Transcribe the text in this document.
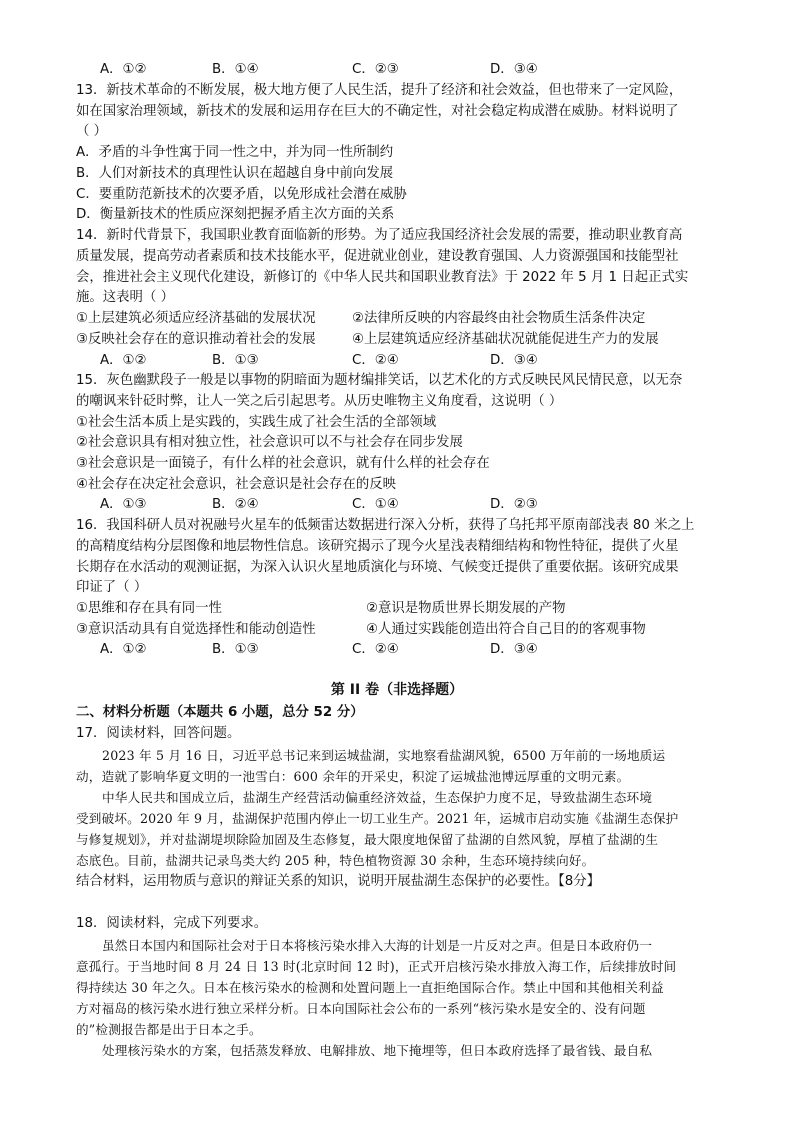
A．①②	B．①④	C．②③	D．③④
13．新技术革命的不断发展，极大地方便了人民生活，提升了经济和社会效益，但也带来了一定风险，
如在国家治理领域，新技术的发展和运用存在巨大的不确定性，对社会稳定构成潜在威胁。材料说明了
（ ）
A．矛盾的斗争性寓于同一性之中，并为同一性所制约
B．人们对新技术的真理性认识在超越自身中前向发展
C．要重防范新技术的次要矛盾，以免形成社会潜在威胁
D．衡量新技术的性质应深刻把握矛盾主次方面的关系
14．新时代背景下，我国职业教育面临新的形势。为了适应我国经济社会发展的需要，推动职业教育高
质量发展，提高劳动者素质和技术技能水平，促进就业创业，建设教育强国、人力资源强国和技能型社
会，推进社会主义现代化建设，新修订的《中华人民共和国职业教育法》于 2022 年 5 月 1 日起正式实
施。这表明（ ）
①上层建筑必须适应经济基础的发展状况	②法律所反映的内容最终由社会物质生活条件决定
③反映社会存在的意识推动着社会的发展	④上层建筑适应经济基础状况就能促进生产力的发展
A．①②	B．①③	C．②④	D．③④
15．灰色幽默段子一般是以事物的阴暗面为题材编排笑话，以艺术化的方式反映民风民情民意，以无奈
的嘲讽来针砭时弊，让人一笑之后引起思考。从历史唯物主义角度看，这说明（ ）
①社会生活本质上是实践的，实践生成了社会生活的全部领域
②社会意识具有相对独立性，社会意识可以不与社会存在同步发展
③社会意识是一面镜子，有什么样的社会意识，就有什么样的社会存在
④社会存在决定社会意识，社会意识是社会存在的反映
A．①③	B．②④	C．①④	D．②③
16．我国科研人员对祝融号火星车的低频雷达数据进行深入分析，获得了乌托邦平原南部浅表 80 米之上
的高精度结构分层图像和地层物性信息。该研究揭示了现今火星浅表精细结构和物性特征，提供了火星
长期存在水活动的观测证据，为深入认识火星地质演化与环境、气候变迁提供了重要依据。该研究成果
印证了（ ）
①思维和存在具有同一性	②意识是物质世界长期发展的产物
③意识活动具有自觉选择性和能动创造性	④人通过实践能创造出符合自己目的的客观事物
A．①②	B．①③	C．②④	D．③④
第 II 卷（非选择题）
二、材料分析题（本题共 6 小题，总分 52 分）
17．阅读材料，回答问题。
2023 年 5 月 16 日，习近平总书记来到运城盐湖，实地察看盐湖风貌，6500 万年前的一场地质运
动，造就了影响华夏文明的一池雪白：600 余年的开采史，积淀了运城盐池博远厚重的文明元素。
中华人民共和国成立后，盐湖生产经营活动偏重经济效益，生态保护力度不足，导致盐湖生态环境
受到破坏。2020 年 9 月，盐湖保护范围内停止一切工业生产。2021 年，运城市启动实施《盐湖生态保护
与修复规划》，并对盐湖堤坝除险加固及生态修复，最大限度地保留了盐湖的自然风貌，厚植了盐湖的生
态底色。目前，盐湖共记录鸟类大约 205 种，特色植物资源 30 余种，生态环境持续向好。
结合材料，运用物质与意识的辩证关系的知识，说明开展盐湖生态保护的必要性。【8分】
18．阅读材料，完成下列要求。
虽然日本国内和国际社会对于日本将核污染水排入大海的计划是一片反对之声。但是日本政府仍一
意孤行。于当地时间 8 月 24 日 13 时(北京时间 12 时)，正式开启核污染水排放入海工作，后续排放时间
得持续达 30 年之久。日本在核污染水的检测和处置问题上一直拒绝国际合作。禁止中国和其他相关利益
方对福岛的核污染水进行独立采样分析。日本向国际社会公布的一系列“核污染水是安全的、没有问题
的”检测报告都是出于日本之手。
处理核污染水的方案，包括蒸发释放、电解排放、地下掩埋等，但日本政府选择了最省钱、最自私
